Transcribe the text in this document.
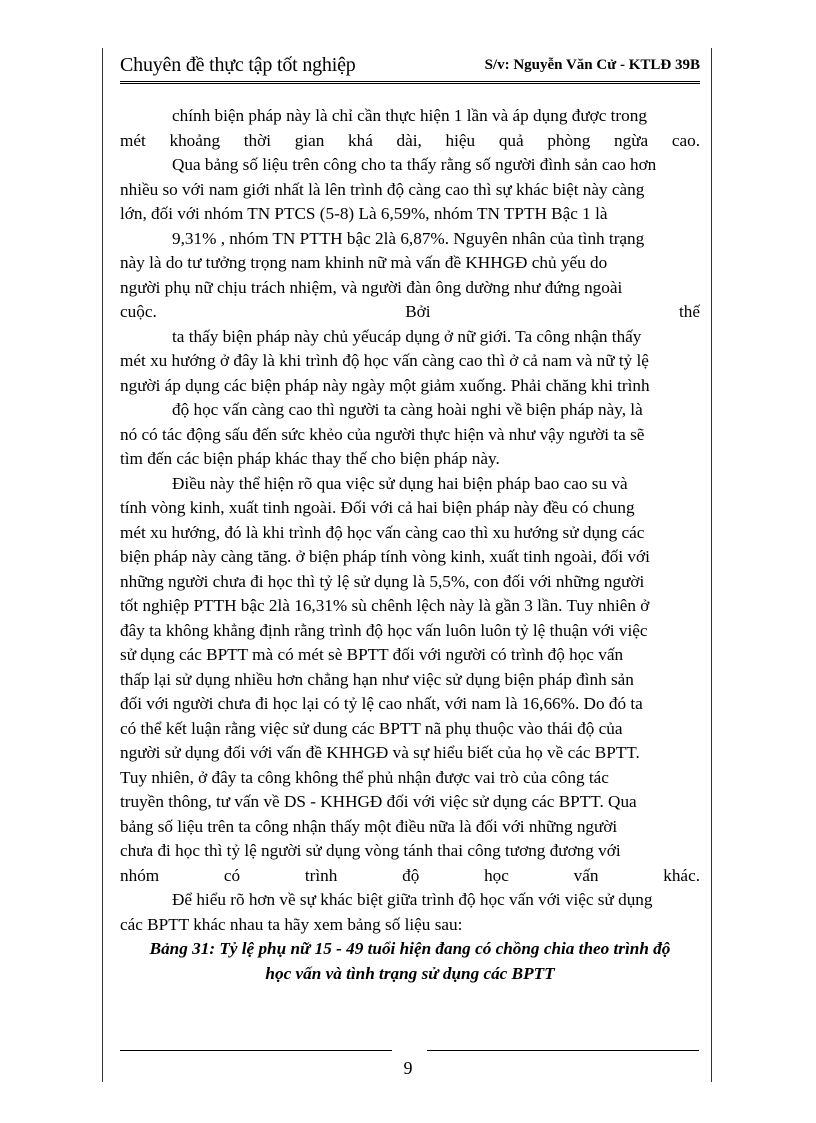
Chuyên đề thực tập tốt nghiệp	S/v: Nguyễn Văn Cử - KTLĐ 39B
chính biện pháp này là chỉ cần thực hiện 1 lần và áp dụng được trong
mét khoảng thời gian khá dài, hiệu quả phòng ngừa cao.
Qua bảng số liệu trên công cho ta thấy rằng số người đình sản cao hơn
nhiều so với nam giới nhất là lên trình độ càng cao thì sự khác biệt này càng
lớn, đối với nhóm TN PTCS (5-8) Là 6,59%, nhóm TN TPTH Bậc 1 là
9,31% , nhóm TN PTTH bậc 2là 6,87%. Nguyên nhân của tình trạng
này là do tư tưởng trọng nam khinh nữ mà vấn đề KHHGĐ chủ yếu do
người phụ nữ chịu trách nhiệm, và người đàn ông dường như đứng ngoài
cuộc. Bởi thế
ta thấy biện pháp này chủ yếucáp dụng ở nữ giới. Ta công nhận thấy
mét xu hướng ở đây là khi trình độ học vấn càng cao thì ở cả nam và nữ tỷ lệ
người áp dụng các biện pháp này ngày một giảm xuống. Phải chăng khi trình
độ học vấn càng cao thì người ta càng hoài nghi về biện pháp này, là
nó có tác động sấu đến sức khẻo của người thực hiện và như vậy người ta sẽ
tìm đến các biện pháp khác thay thế cho biện pháp này.
Điều này thể hiện rõ qua việc sử dụng hai biện pháp bao cao su và
tính vòng kinh, xuất tinh ngoài. Đối với cả hai biện pháp này đều có chung
mét xu hướng, đó là khi trình độ học vấn càng cao thì xu hướng sử dụng các
biện pháp này càng tăng. ở biện pháp tính vòng kinh, xuất tinh ngoài, đối với
những người chưa đi học thì tỷ lệ sử dụng là 5,5%, con đối với những người
tốt nghiệp PTTH bậc 2là 16,31% sù chênh lệch này là gần 3 lần. Tuy nhiên ở
đây ta không khẳng định rằng trình độ học vấn luôn luôn tỷ lệ thuận với việc
sử dụng các BPTT mà có mét sè BPTT đối với người có trình độ học vấn
thấp lại sử dụng nhiều hơn chẳng hạn như việc sử dụng biện pháp đình sản
đối với người chưa đi học lại có tỷ lệ cao nhất, với nam là 16,66%. Do đó ta
có thể kết luận rằng việc sử dung các BPTT nã phụ thuộc vào thái độ của
người sử dụng đối với vấn đề KHHGĐ và sự hiểu biết của họ về các BPTT.
Tuy nhiên, ở đây ta công không thể phủ nhận được vai trò của công tác
truyền thông, tư vấn về DS - KHHGĐ đối với việc sử dụng các BPTT. Qua
bảng số liệu trên ta công nhận thấy một điều nữa là đối với những người
chưa đi học thì tỷ lệ người sử dụng vòng tánh thai công tương đương với
nhóm có trình độ học vấn khác.
Để hiểu rõ hơn về sự khác biệt giữa trình độ học vấn với việc sử dụng
các BPTT khác nhau ta hãy xem bảng số liệu sau:
Bảng 31: Tỷ lệ phụ nữ 15 - 49 tuổi hiện đang có chồng chia theo trình độ
học vấn và tình trạng sử dụng các BPTT
9
